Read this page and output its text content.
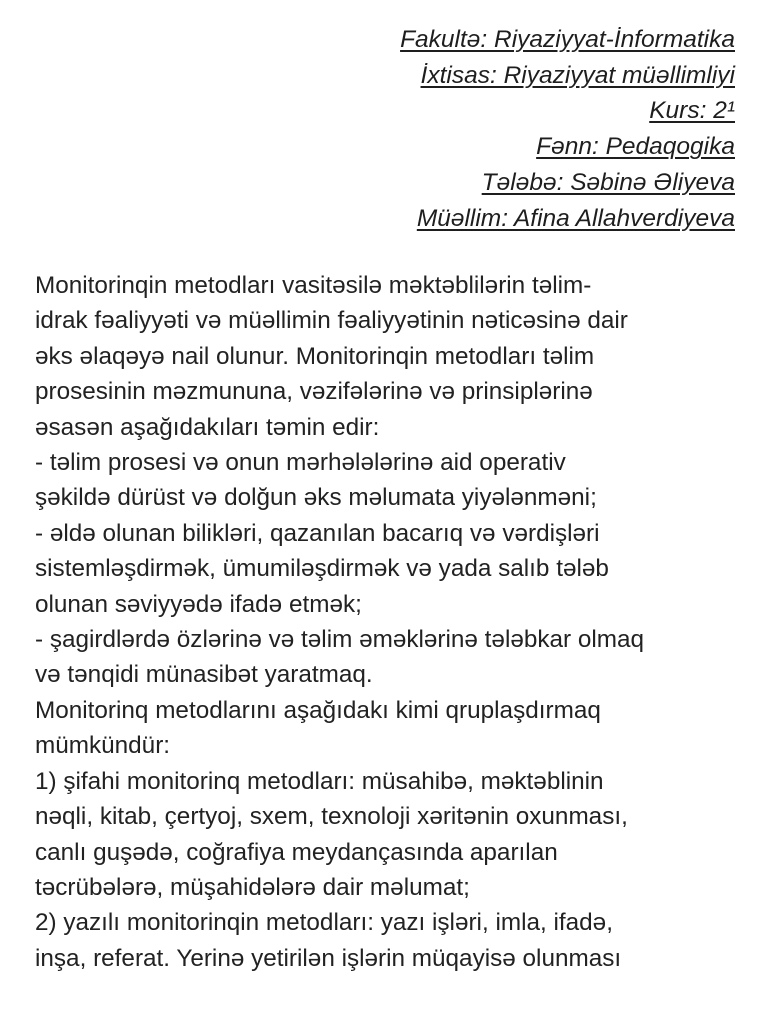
Fakultə: Riyaziyyat-İnformatika
İxtisas: Riyaziyyat müəllimliyi
Kurs: 2¹
Fənn: Pedaqogika
Tələbə: Səbinə Əliyeva
Müəllim: Afina Allahverdiyeva
Monitorinqin metodları vasitəsilə məktəblilərin təlim-
idrak fəaliyyəti və müəllimin fəaliyyətinin nəticəsinə dair
əks əlaqəyə nail olunur. Monitorinqin metodları təlim
prosesinin məzmununa, vəzifələrinə və prinsiplərinə
əsasən aşağıdakıları təmin edir:
- təlim prosesi və onun mərhələlərinə aid operativ
şəkildə dürüst və dolğun əks məlumata yiyələnməni;
- əldə olunan bilikləri, qazanılan bacarıq və vərdişləri
sistemləşdirmək, ümumiləşdirmək və yada salıb tələb
olunan səviyyədə ifadə etmək;
- şagirdlərdə özlərinə və təlim əməklərinə tələbkar olmaq
və tənqidi münasibət yaratmaq.
Monitorinq metodlarını aşağıdakı kimi qruplaşdırmaq
mümkündür:
1) şifahi monitorinq metodları: müsahibə, məktəblinin
nəqli, kitab, çertyoj, sxem, texnoloji xəritənin oxunması,
canlı guşədə, coğrafiya meydançasında aparılan
təcrübələrə, müşahidələrə dair məlumat;
2) yazılı monitorinqin metodları: yazı işləri, imla, ifadə,
inşa, referat. Yerinə yetirilən işlərin müqayisə olunması
